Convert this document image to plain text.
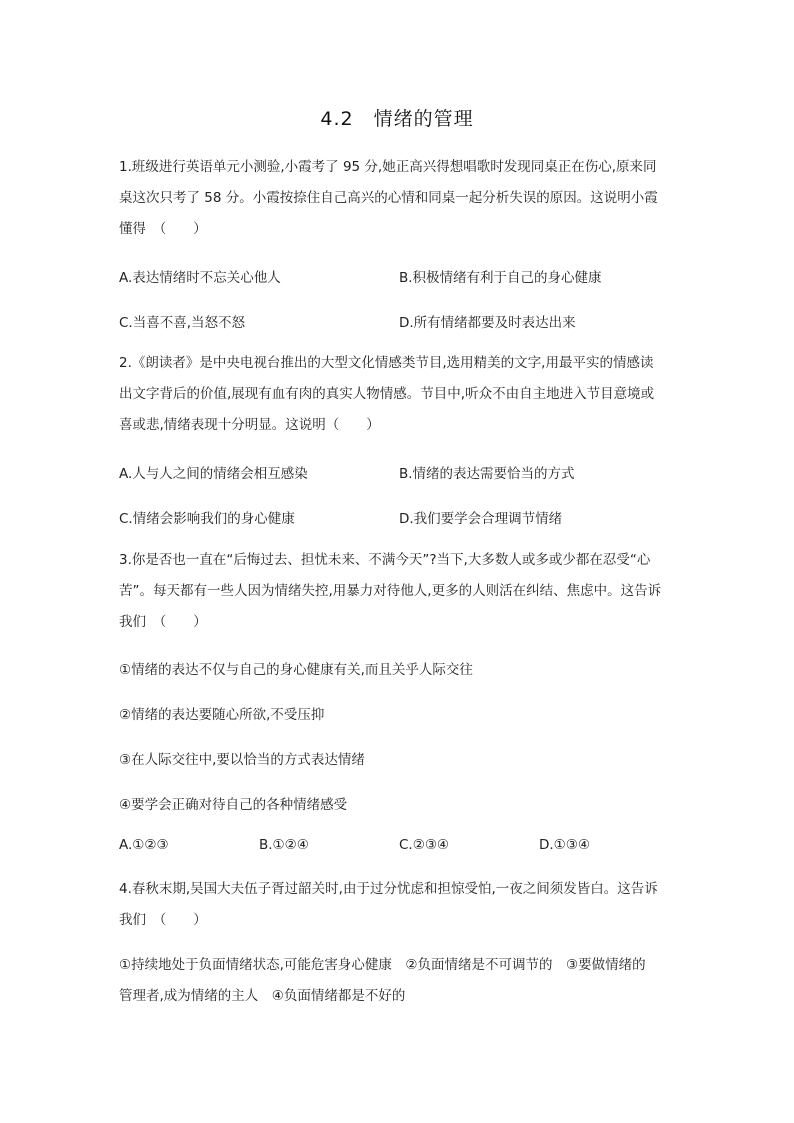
4.2　情绪的管理
1.班级进行英语单元小测验,小霞考了 95 分,她正高兴得想唱歌时发现同桌正在伤心,原来同
桌这次只考了 58 分。小霞按捺住自己高兴的心情和同桌一起分析失误的原因。这说明小霞
懂得　（　　）
A.表达情绪时不忘关心他人	B.积极情绪有利于自己的身心健康
C.当喜不喜,当怒不怒	D.所有情绪都要及时表达出来
2.《朗读者》是中央电视台推出的大型文化情感类节目,选用精美的文字,用最平实的情感读
出文字背后的价值,展现有血有肉的真实人物情感。节目中,听众不由自主地进入节目意境或
喜或悲,情绪表现十分明显。这说明（　　）
A.人与人之间的情绪会相互感染	B.情绪的表达需要恰当的方式
C.情绪会影响我们的身心健康	D.我们要学会合理调节情绪
3.你是否也一直在“后悔过去、担忧未来、不满今天”?当下,大多数人或多或少都在忍受“心
苦”。每天都有一些人因为情绪失控,用暴力对待他人,更多的人则活在纠结、焦虑中。这告诉
我们　（　　）
①情绪的表达不仅与自己的身心健康有关,而且关乎人际交往
②情绪的表达要随心所欲,不受压抑
③在人际交往中,要以恰当的方式表达情绪
④要学会正确对待自己的各种情绪感受
A.①②③	B.①②④	C.②③④	D.①③④
4.春秋末期,吴国大夫伍子胥过韶关时,由于过分忧虑和担惊受怕,一夜之间须发皆白。这告诉
我们　（　　）
①持续地处于负面情绪状态,可能危害身心健康　②负面情绪是不可调节的　③要做情绪的
管理者,成为情绪的主人　④负面情绪都是不好的
